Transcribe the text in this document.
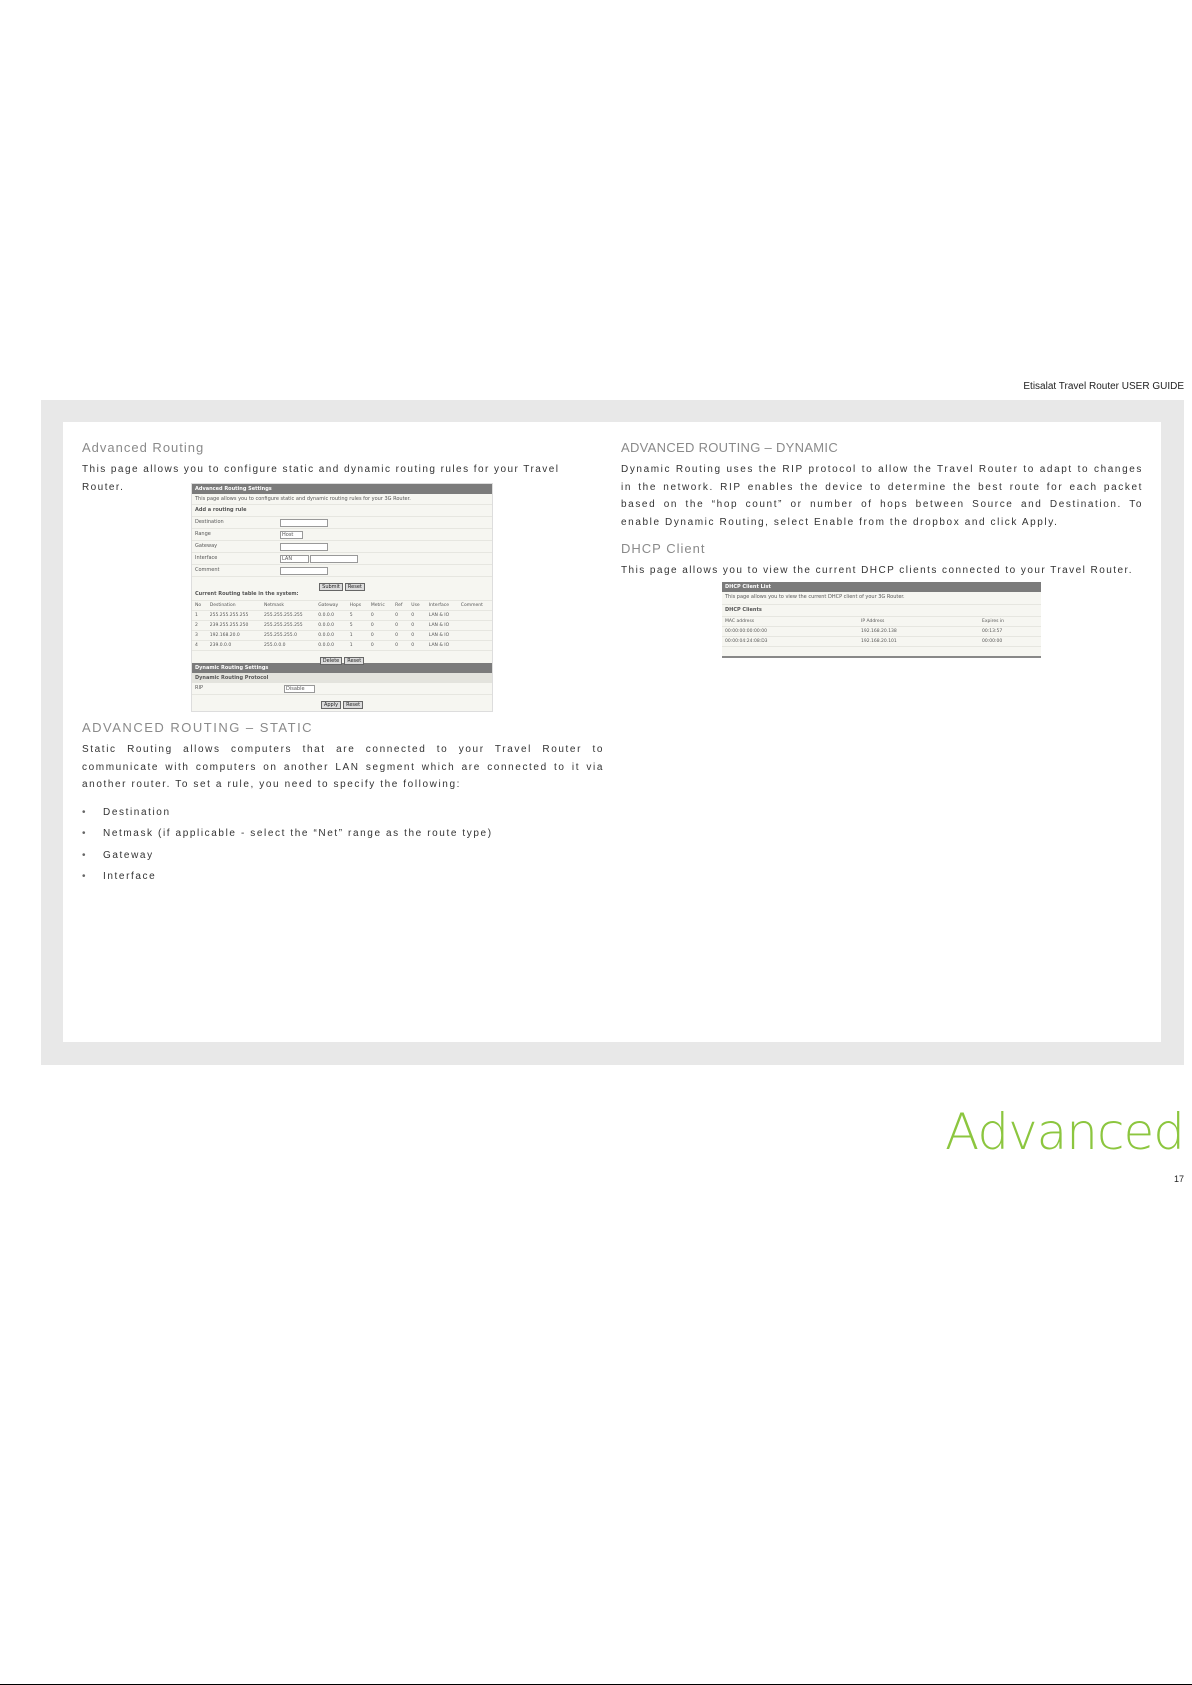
Etisalat Travel Router USER GUIDE
Advanced Routing

This page allows you to configure static and dynamic routing rules for your Travel Router.	Advanced Routing Settings
This page allows you to configure static and dynamic routing rules for your 3G Router.
Add a routing rule
Destination
Range	Host
Gateway
Interface	LAN
Comment
Submit Reset
Current Routing table in the system:
No	Destination	Netmask	Gateway	Hops	Metric	Ref	Use	Interface	Comment
1	255.255.255.255	255.255.255.255	0.0.0.0	5	0	0	0	LAN & IO	
2	239.255.255.250	255.255.255.255	0.0.0.0	5	0	0	0	LAN & IO	
3	192.168.20.0	255.255.255.0	0.0.0.0	1	0	0	0	LAN & IO	
4	239.0.0.0	255.0.0.0	0.0.0.0	1	0	0	0	LAN & IO	
Delete Reset
Dynamic Routing Settings
Dynamic Routing Protocol
RIP	Disable
Apply Reset
ADVANCED ROUTING – STATIC

Static Routing allows computers that are connected to your Travel Router to communicate with computers on another LAN segment which are connected to it via another router. To set a rule, you need to specify the following:

• Destination
• Netmask (if applicable - select the “Net” range as the route type)
• Gateway
• Interface
ADVANCED ROUTING – DYNAMIC

Dynamic Routing uses the RIP protocol to allow the Travel Router to adapt to changes in the network. RIP enables the device to determine the best route for each packet based on the “hop count” or number of hops between Source and Destination. To enable Dynamic Routing, select Enable from the dropbox and click Apply.

DHCP Client

This page allows you to view the current DHCP clients connected to your Travel Router.

DHCP Client List
This page allows you to view the current DHCP client of your 3G Router.
DHCP Clients
MAC address	IP Address	Expires in
00:00:00:00:00:00	192.168.20.138	00:13:57
00:00:04:24:08:D3	192.168.20.101	00:00:00
Advanced
17
